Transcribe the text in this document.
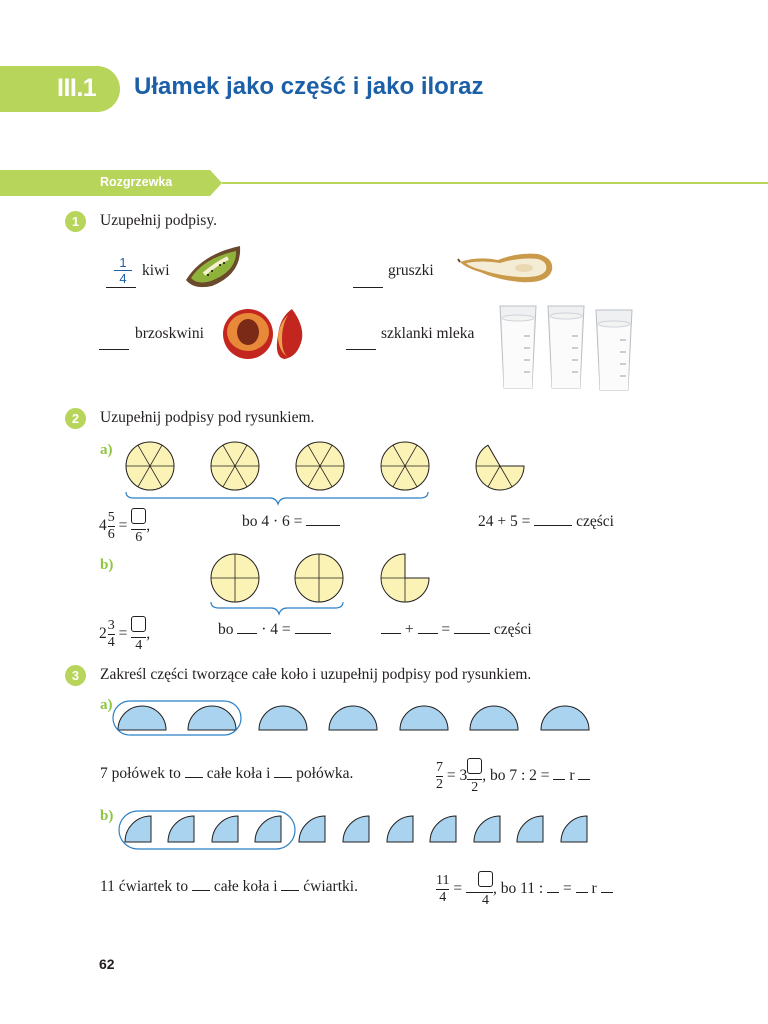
III.1 Ułamek jako część i jako iloraz
Rozgrzewka
1	Uzupełnij podpisy.
1
4 kiwi	gruszki
brzoskwini	szklanki mleka
2	Uzupełnij podpisy pod rysunkiem.
a)
$4 \frac{5}{6}$ =
6
,	bo 4 · 6 =	24 + 5 =	części
b)
$2 \frac{3}{4}$ =
4
,	bo · 4 =	+ =	części
3	Zakreśl części tworzące całe koło i uzupełnij podpisy pod rysunkiem.
a)
7 połówek to całe koła i połówka.	$\frac{7}{2} = 3$
2
, bo 7 : 2 = r
b)
11 ćwiartek to całe koła i ćwiartki.	$\frac{11}{4}$ =
4
, bo 11 : = r
62
